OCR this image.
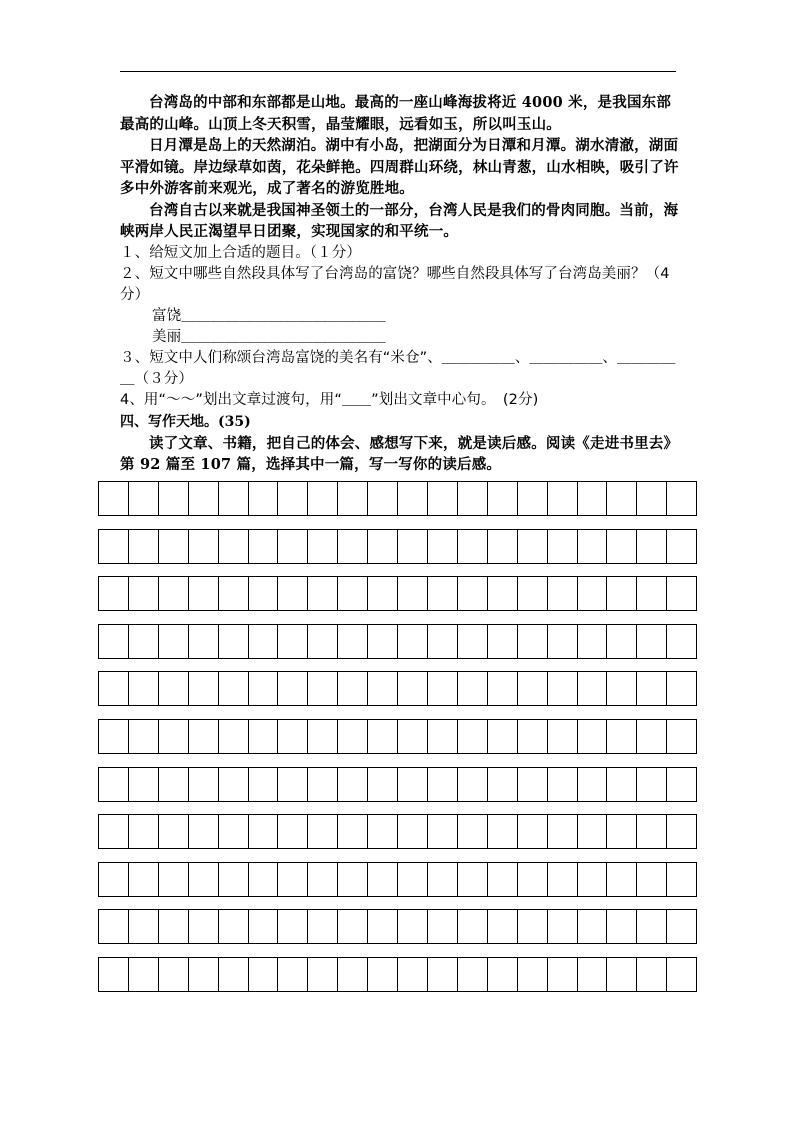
台湾岛的中部和东部都是山地。最高的一座山峰海拔将近 4000 米，是我国东部最高的山峰。山顶上冬天积雪，晶莹耀眼，远看如玉，所以叫玉山。

日月潭是岛上的天然湖泊。湖中有小岛，把湖面分为日潭和月潭。湖水清澈，湖面平滑如镜。岸边绿草如茵，花朵鲜艳。四周群山环绕，林山青葱，山水相映，吸引了许多中外游客前来观光，成了著名的游览胜地。

台湾自古以来就是我国神圣领土的一部分，台湾人民是我们的骨肉同胞。当前，海峡两岸人民正渴望早日团聚，实现国家的和平统一。

１、给短文加上合适的题目。（１分）

２、短文中哪些自然段具体写了台湾岛的富饶？哪些自然段具体写了台湾岛美丽？（4分）

富饶＿＿＿＿＿＿＿＿＿＿＿＿＿＿

美丽＿＿＿＿＿＿＿＿＿＿＿＿＿＿

３、短文中人们称颂台湾岛富饶的美名有“米仓”、＿＿＿＿＿、＿＿＿＿＿、＿＿＿＿＿（３分）

4、用“～～”划出文章过渡句，用“＿＿”划出文章中心句。　(2分)

四、写作天地。(35)

读了文章、书籍，把自己的体会、感想写下来，就是读后感。阅读《走进书里去》第 92 篇至 107 篇，选择其中一篇，写一写你的读后感。
